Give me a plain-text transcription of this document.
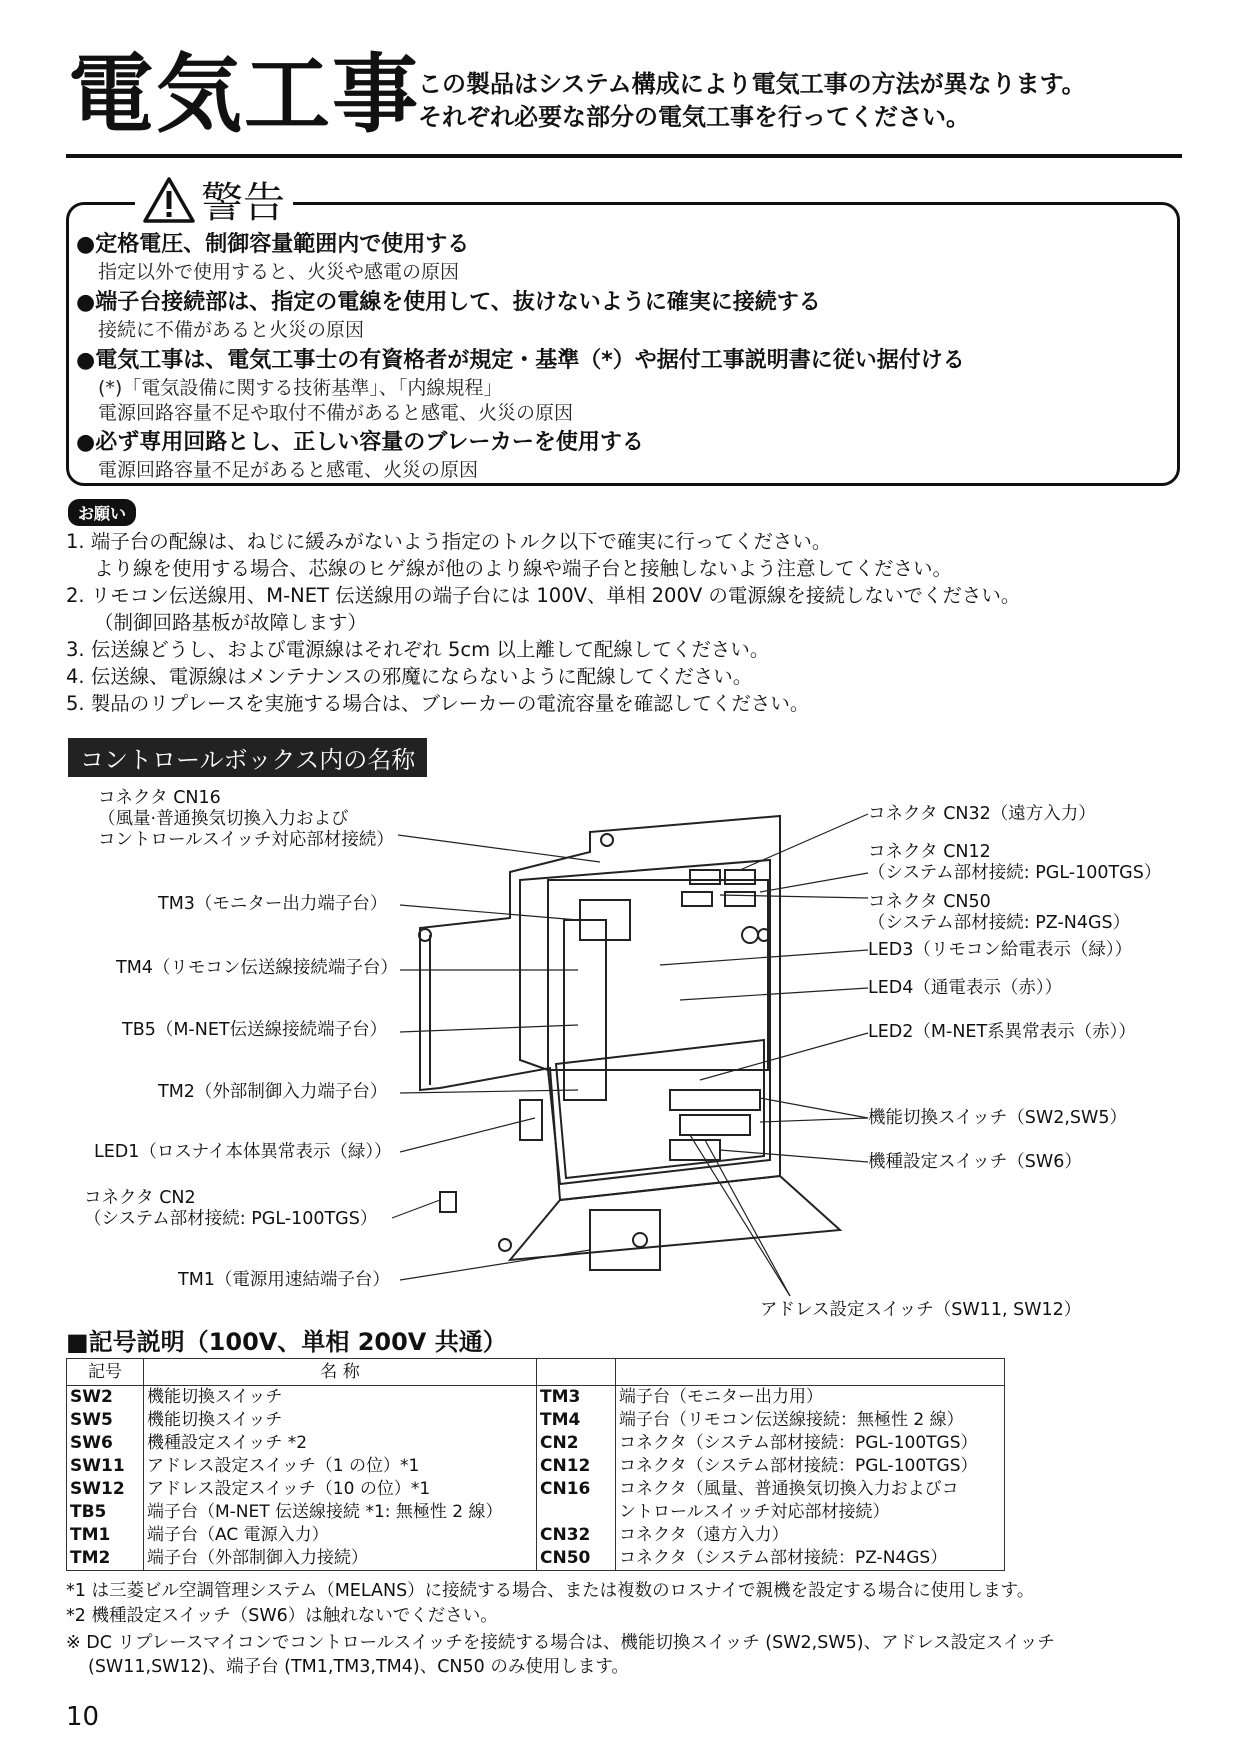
電気工事
この製品はシステム構成により電気工事の方法が異なります。
それぞれ必要な部分の電気工事を行ってください。
警告
●定格電圧、制御容量範囲内で使用する
指定以外で使用すると、火災や感電の原因
●端子台接続部は、指定の電線を使用して、抜けないように確実に接続する
接続に不備があると火災の原因
●電気工事は、電気工事士の有資格者が規定・基準（*）や据付工事説明書に従い据付ける
(*)「電気設備に関する技術基準」、「内線規程」
電源回路容量不足や取付不備があると感電、火災の原因
●必ず専用回路とし、正しい容量のブレーカーを使用する
電源回路容量不足があると感電、火災の原因
お願い
1. 端子台の配線は、ねじに緩みがないよう指定のトルク以下で確実に行ってください。
より線を使用する場合、芯線のヒゲ線が他のより線や端子台と接触しないよう注意してください。
2. リモコン伝送線用、M-NET 伝送線用の端子台には 100V、単相 200V の電源線を接続しないでください。
（制御回路基板が故障します）
3. 伝送線どうし、および電源線はそれぞれ 5cm 以上離して配線してください。
4. 伝送線、電源線はメンテナンスの邪魔にならないように配線してください。
5. 製品のリプレースを実施する場合は、ブレーカーの電流容量を確認してください。
コントロールボックス内の名称
コネクタ CN16
（風量·普通換気切換入力および
コントロールスイッチ対応部材接続）
TM3（モニター出力端子台）
TM4（リモコン伝送線接続端子台）
TB5（M-NET伝送線接続端子台）
TM2（外部制御入力端子台）
LED1（ロスナイ本体異常表示（緑））
コネクタ CN2
（システム部材接続: PGL-100TGS）
TM1（電源用速結端子台）
コネクタ CN32（遠方入力）
コネクタ CN12
（システム部材接続: PGL-100TGS）
コネクタ CN50
（システム部材接続: PZ-N4GS）
LED3（リモコン給電表示（緑））
LED4（通電表示（赤））
LED2（M-NET系異常表示（赤））
機能切換スイッチ（SW2,SW5）
機種設定スイッチ（SW6）
アドレス設定スイッチ（SW11, SW12）
■記号説明（100V、単相 200V 共通）
記号	名 称		
SW2	機能切換スイッチ	TM3	端子台（モニター出力用）
SW5	機能切換スイッチ	TM4	端子台（リモコン伝送線接続：無極性 2 線）
SW6	機種設定スイッチ *2	CN2	コネクタ（システム部材接続：PGL-100TGS）
SW11	アドレス設定スイッチ（1 の位）*1	CN12	コネクタ（システム部材接続：PGL-100TGS）
SW12	アドレス設定スイッチ（10 の位）*1	CN16	コネクタ（風量、普通換気切換入力およびコ
TB5	端子台（M-NET 伝送線接続 *1: 無極性 2 線）		ントロールスイッチ対応部材接続）
TM1	端子台（AC 電源入力）	CN32	コネクタ（遠方入力）
TM2	端子台（外部制御入力接続）	CN50	コネクタ（システム部材接続：PZ-N4GS）
*1 は三菱ビル空調管理システム（MELANS）に接続する場合、または複数のロスナイで親機を設定する場合に使用します。
*2 機種設定スイッチ（SW6）は触れないでください。
※ DC リプレースマイコンでコントロールスイッチを接続する場合は、機能切換スイッチ (SW2,SW5)、アドレス設定スイッチ
(SW11,SW12)、端子台 (TM1,TM3,TM4)、CN50 のみ使用します。
10
